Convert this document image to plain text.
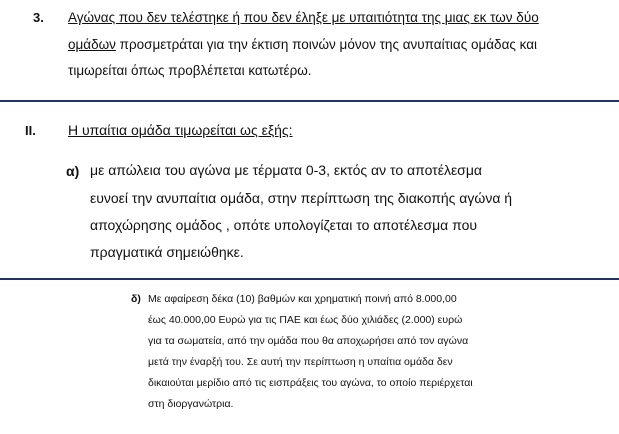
3. Αγώνας που δεν τελέστηκε ή που δεν έληξε με υπαιτιότητα της μιας εκ των δύο
ομάδων προσμετράται για την έκτιση ποινών μόνον της ανυπαίτιας ομάδας και
τιμωρείται όπως προβλέπεται κατωτέρω.
II. Η υπαίτια ομάδα τιμωρείται ως εξής:
α) με απώλεια του αγώνα με τέρματα 0-3, εκτός αν το αποτέλεσμα
ευνοεί την ανυπαίτια ομάδα, στην περίπτωση της διακοπής αγώνα ή
αποχώρησης ομάδος , οπότε υπολογίζεται το αποτέλεσμα που
πραγματικά σημειώθηκε.
δ) Με αφαίρεση δέκα (10) βαθμών και χρηματική ποινή από 8.000,00
έως 40.000,00 Ευρώ για τις ΠΑΕ και έως δύο χιλιάδες (2.000) ευρώ
για τα σωματεία, από την ομάδα που θα αποχωρήσει από τον αγώνα
μετά την έναρξή του. Σε αυτή την περίπτωση η υπαίτια ομάδα δεν
δικαιούται μερίδιο από τις εισπράξεις του αγώνα, το οποίο περιέρχεται
στη διοργανώτρια.
